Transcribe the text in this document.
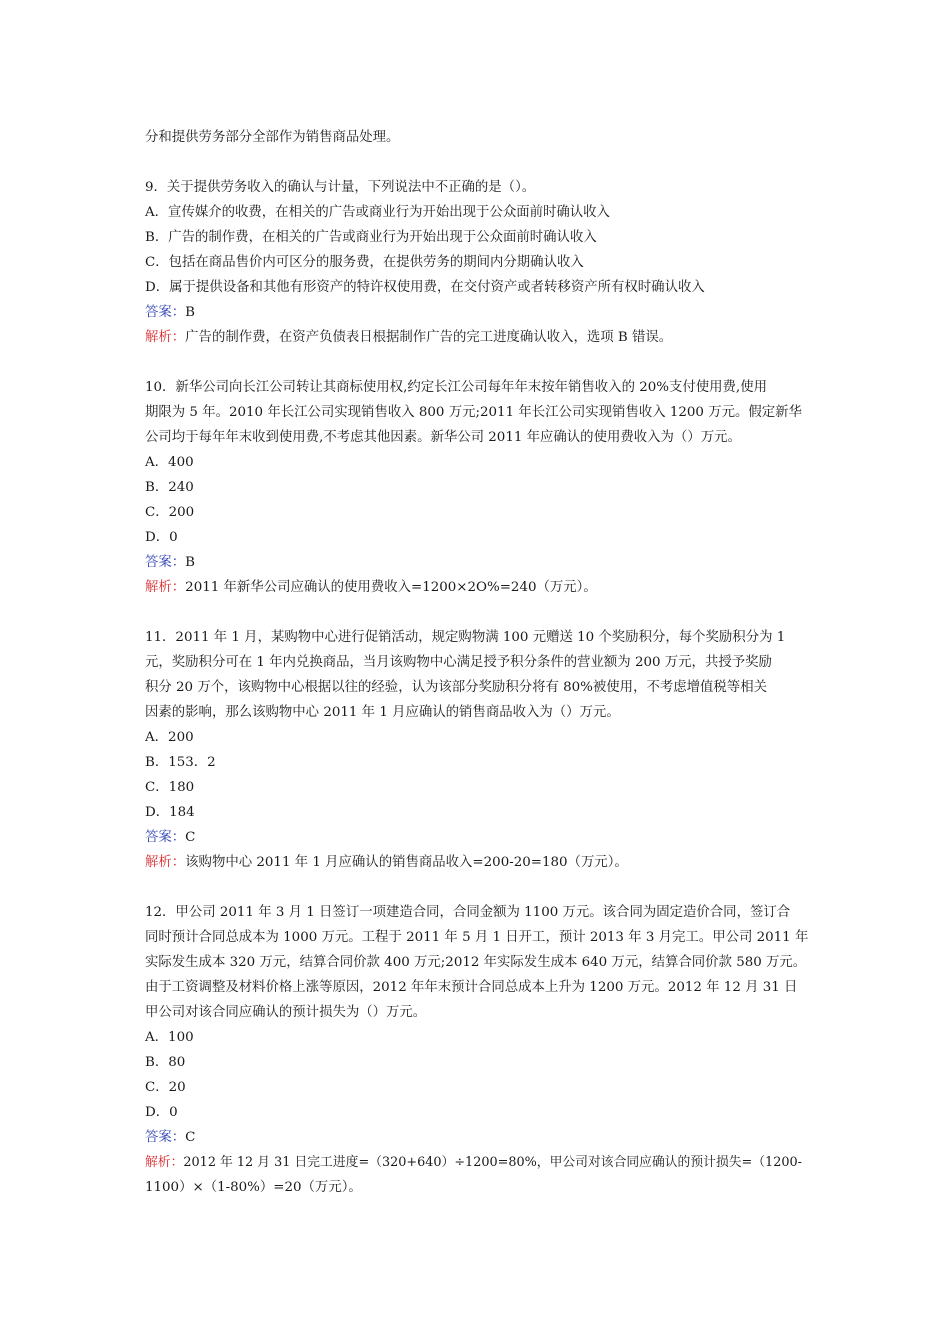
分和提供劳务部分全部作为销售商品处理。
9．关于提供劳务收入的确认与计量，下列说法中不正确的是（）。
A．宣传媒介的收费，在相关的广告或商业行为开始出现于公众面前时确认收入
B．广告的制作费，在相关的广告或商业行为开始出现于公众面前时确认收入
C．包括在商品售价内可区分的服务费，在提供劳务的期间内分期确认收入
D．属于提供设备和其他有形资产的特许权使用费，在交付资产或者转移资产所有权时确认收入
答案：B
解析：广告的制作费，在资产负债表日根据制作广告的完工进度确认收入，选项 B 错误。
10．新华公司向长江公司转让其商标使用权,约定长江公司每年年末按年销售收入的 20%支付使用费,使用
期限为 5 年。2010 年长江公司实现销售收入 800 万元;2011 年长江公司实现销售收入 1200 万元。假定新华
公司均于每年年末收到使用费,不考虑其他因素。新华公司 2011 年应确认的使用费收入为（）万元。
A．400
B．240
C．200
D．0
答案：B
解析：2011 年新华公司应确认的使用费收入=1200×2O%=240（万元）。
11．2011 年 1 月，某购物中心进行促销活动，规定购物满 100 元赠送 10 个奖励积分，每个奖励积分为 1
元，奖励积分可在 1 年内兑换商品，当月该购物中心满足授予积分条件的营业额为 200 万元，共授予奖励
积分 20 万个，该购物中心根据以往的经验，认为该部分奖励积分将有 80%被使用，不考虑增值税等相关
因素的影响，那么该购物中心 2011 年 1 月应确认的销售商品收入为（）万元。
A．200
B．153．2
C．180
D．184
答案：C
解析：该购物中心 2011 年 1 月应确认的销售商品收入=200-20=180（万元）。
12．甲公司 2011 年 3 月 1 日签订一项建造合同，合同金额为 1100 万元。该合同为固定造价合同，签订合
同时预计合同总成本为 1000 万元。工程于 2011 年 5 月 1 日开工，预计 2013 年 3 月完工。甲公司 2011 年
实际发生成本 320 万元，结算合同价款 400 万元;2012 年实际发生成本 640 万元，结算合同价款 580 万元。
由于工资调整及材料价格上涨等原因，2012 年年末预计合同总成本上升为 1200 万元。2012 年 12 月 31 日
甲公司对该合同应确认的预计损失为（）万元。
A．100
B．80
C．20
D．0
答案：C
解析：2012 年 12 月 31 日完工进度=（320+640）÷1200=80%，甲公司对该合同应确认的预计损失=（1200-
1100）×（1-80%）=20（万元）。
